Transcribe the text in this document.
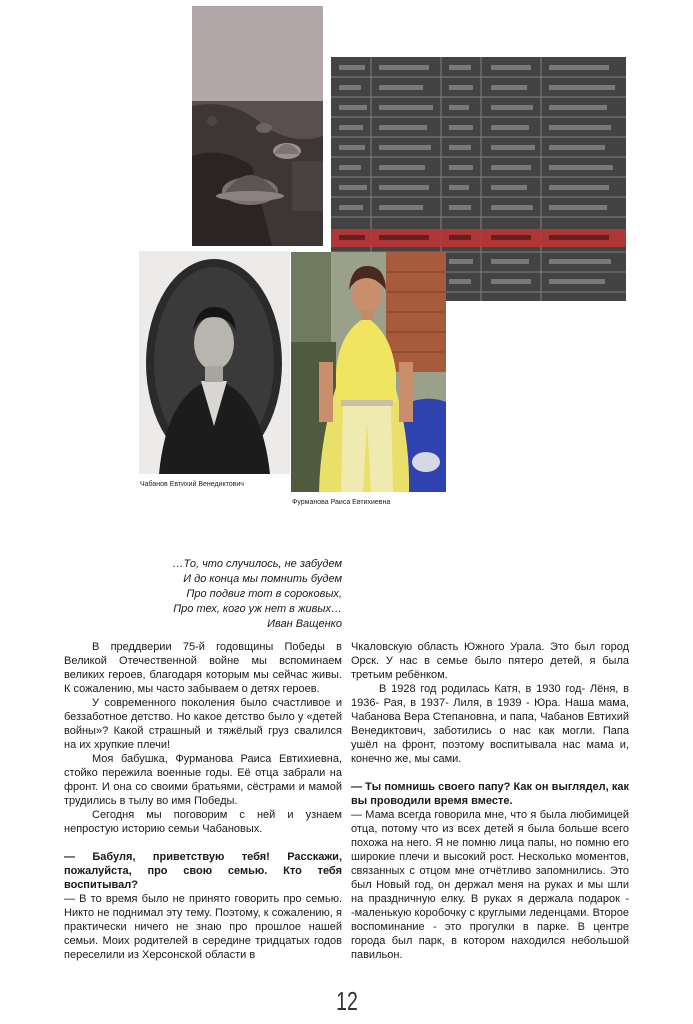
Чабанов Евтихий Венедиктович
Фурманова Раиса Евтихиевна
…То, что случилось, не забудем
И до конца мы помнить будем
Про подвиг тот в сороковых,
Про тех, кого уж нет в живых…
Иван Ващенко

В преддверии 75-й годовщины Победы в Великой Отечественной войне мы вспоминаем великих героев, благодаря которым мы сейчас живы. К сожалению, мы часто забываем о детях героев.

У современного поколения было счастливое и беззаботное детство. Но какое детство было у «детей войны»? Какой страшный и тяжёлый груз свалился на их хрупкие плечи!

Моя бабушка, Фурманова Раиса Евтихиевна, стойко пережила военные годы. Её отца забрали на фронт. И она со своими братьями, сёстрами и мамой трудились в тылу во имя Победы.

Сегодня мы поговорим с ней и узнаем непростую историю семьи Чабановых.

— Бабуля, приветствую тебя! Расскажи, пожалуйста, про свою семью. Кто тебя воспитывал?

— В то время было не принято говорить про семью. Никто не поднимал эту тему. Поэтому, к сожалению, я практически ничего не знаю про прошлое нашей семьи. Моих родителей в середине тридцатых годов переселили из Херсонской области в

Чкаловскую область Южного Урала. Это был город Орск. У нас в семье было пятеро детей, я была третьим ребёнком.

В 1928 год родилась Катя, в 1930 год- Лёня, в 1936- Рая, в 1937- Лиля, в 1939 - Юра. Наша мама, Чабанова Вера Степановна, и папа, Чабанов Евтихий Венедиктович, заботились о нас как могли. Папа ушёл на фронт, поэтому воспитывала нас мама и, конечно же, мы сами.

— Ты помнишь своего папу? Как он выглядел, как вы проводили время вместе.

— Мама всегда говорила мне, что я была любимицей отца, потому что из всех детей я была больше всего похожа на него. Я не помню лица папы, но помню его широкие плечи и высокий рост. Несколько моментов, связанных с отцом мне отчётливо запомнились. Это был Новый год, он держал меня на руках и мы шли на праздничную елку. В руках я держала подарок - -маленькую коробочку с круглыми леденцами. Второе воспоминание - это прогулки в парке. В центре города был парк, в котором находился небольшой павильон.

12
